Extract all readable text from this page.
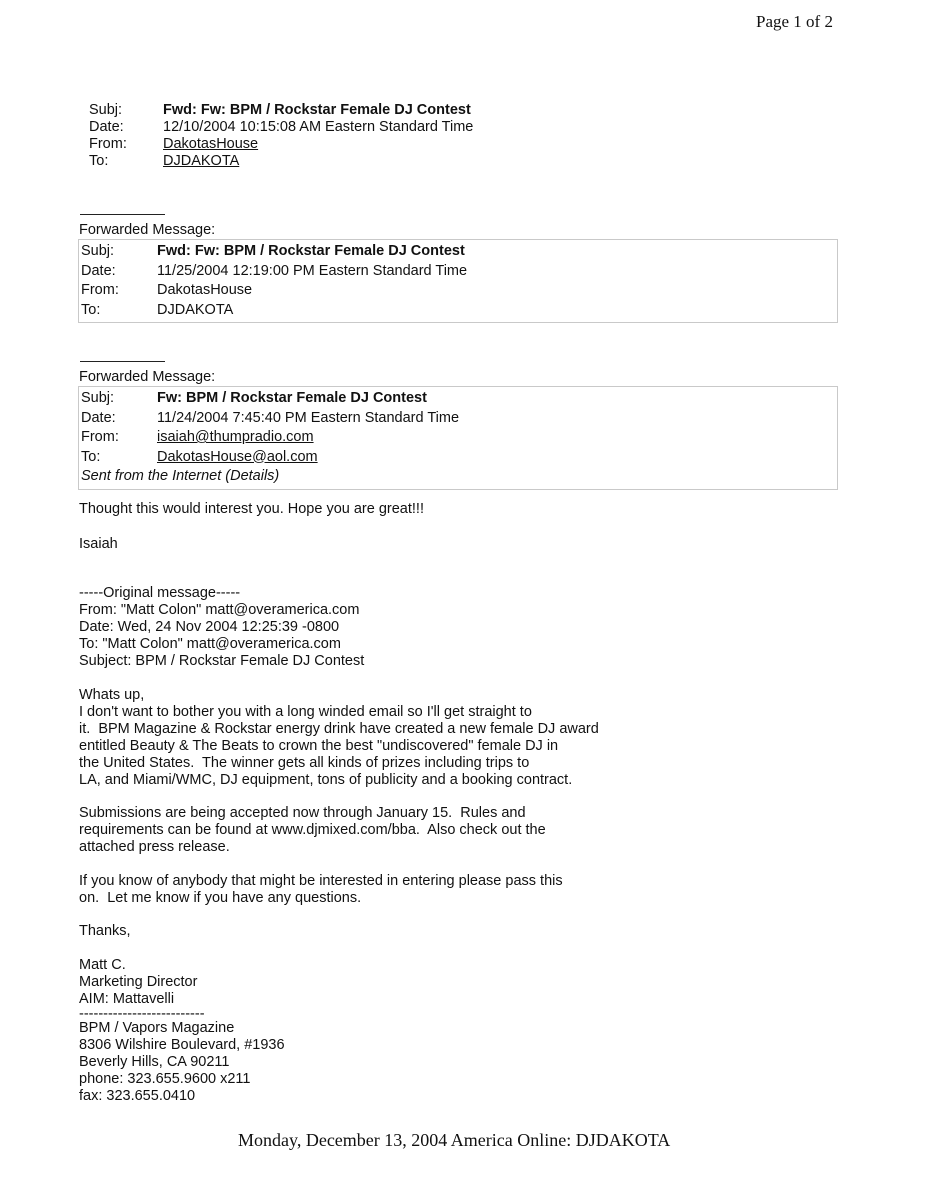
Page 1 of 2
Subj:	Fwd: Fw: BPM / Rockstar Female DJ Contest
Date:	12/10/2004 10:15:08 AM Eastern Standard Time
From:	DakotasHouse
To:	DJDAKOTA
Forwarded Message:
Subj:	Fwd: Fw: BPM / Rockstar Female DJ Contest
Date:	11/25/2004 12:19:00 PM Eastern Standard Time
From:	DakotasHouse
To:	DJDAKOTA
Forwarded Message:
Subj:	Fw: BPM / Rockstar Female DJ Contest
Date:	11/24/2004 7:45:40 PM Eastern Standard Time
From:	isaiah@thumpradio.com
To:	DakotasHouse@aol.com
Sent from the Internet (Details)

Thought this would interest you. Hope you are great!!!

Isaiah

-----Original message-----

From: "Matt Colon" matt@overamerica.com

Date: Wed, 24 Nov 2004 12:25:39 -0800

To: "Matt Colon" matt@overamerica.com

Subject: BPM / Rockstar Female DJ Contest

Whats up,

I don't want to bother you with a long winded email so I'll get straight to

it.  BPM Magazine & Rockstar energy drink have created a new female DJ award

entitled Beauty & The Beats to crown the best "undiscovered" female DJ in

the United States.  The winner gets all kinds of prizes including trips to

LA, and Miami/WMC, DJ equipment, tons of publicity and a booking contract.

Submissions are being accepted now through January 15.  Rules and

requirements can be found at www.djmixed.com/bba.  Also check out the

attached press release.

If you know of anybody that might be interested in entering please pass this

on.  Let me know if you have any questions.

Thanks,

Matt C.

Marketing Director

AIM: Mattavelli

--------------------------

BPM / Vapors Magazine

8306 Wilshire Boulevard, #1936

Beverly Hills, CA 90211

phone: 323.655.9600 x211

fax: 323.655.0410

Monday, December 13, 2004 America Online: DJDAKOTA
